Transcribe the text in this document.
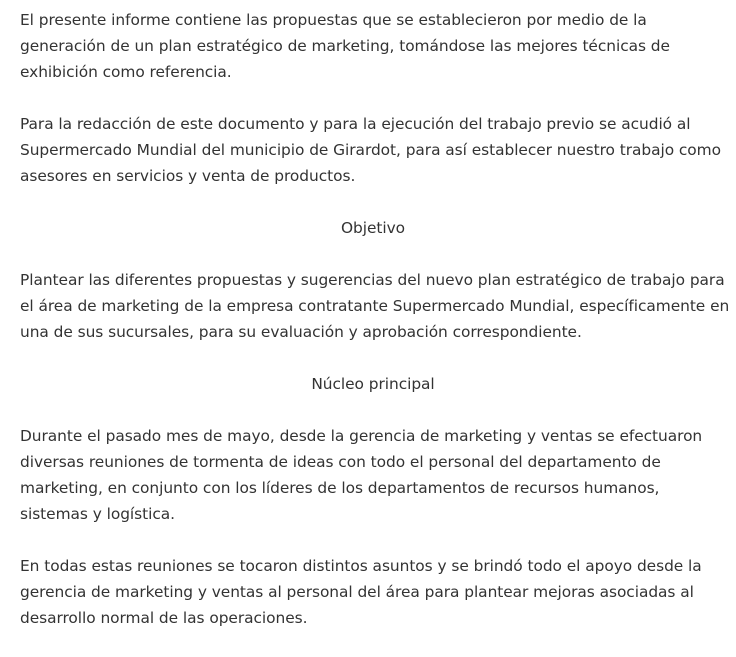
El presente informe contiene las propuestas que se establecieron por medio de la
generación de un plan estratégico de marketing, tomándose las mejores técnicas de
exhibición como referencia.
Para la redacción de este documento y para la ejecución del trabajo previo se acudió al
Supermercado Mundial del municipio de Girardot, para así establecer nuestro trabajo como
asesores en servicios y venta de productos.
Objetivo
Plantear las diferentes propuestas y sugerencias del nuevo plan estratégico de trabajo para
el área de marketing de la empresa contratante Supermercado Mundial, específicamente en
una de sus sucursales, para su evaluación y aprobación correspondiente.
Núcleo principal
Durante el pasado mes de mayo, desde la gerencia de marketing y ventas se efectuaron
diversas reuniones de tormenta de ideas con todo el personal del departamento de
marketing, en conjunto con los líderes de los departamentos de recursos humanos,
sistemas y logística.
En todas estas reuniones se tocaron distintos asuntos y se brindó todo el apoyo desde la
gerencia de marketing y ventas al personal del área para plantear mejoras asociadas al
desarrollo normal de las operaciones.
